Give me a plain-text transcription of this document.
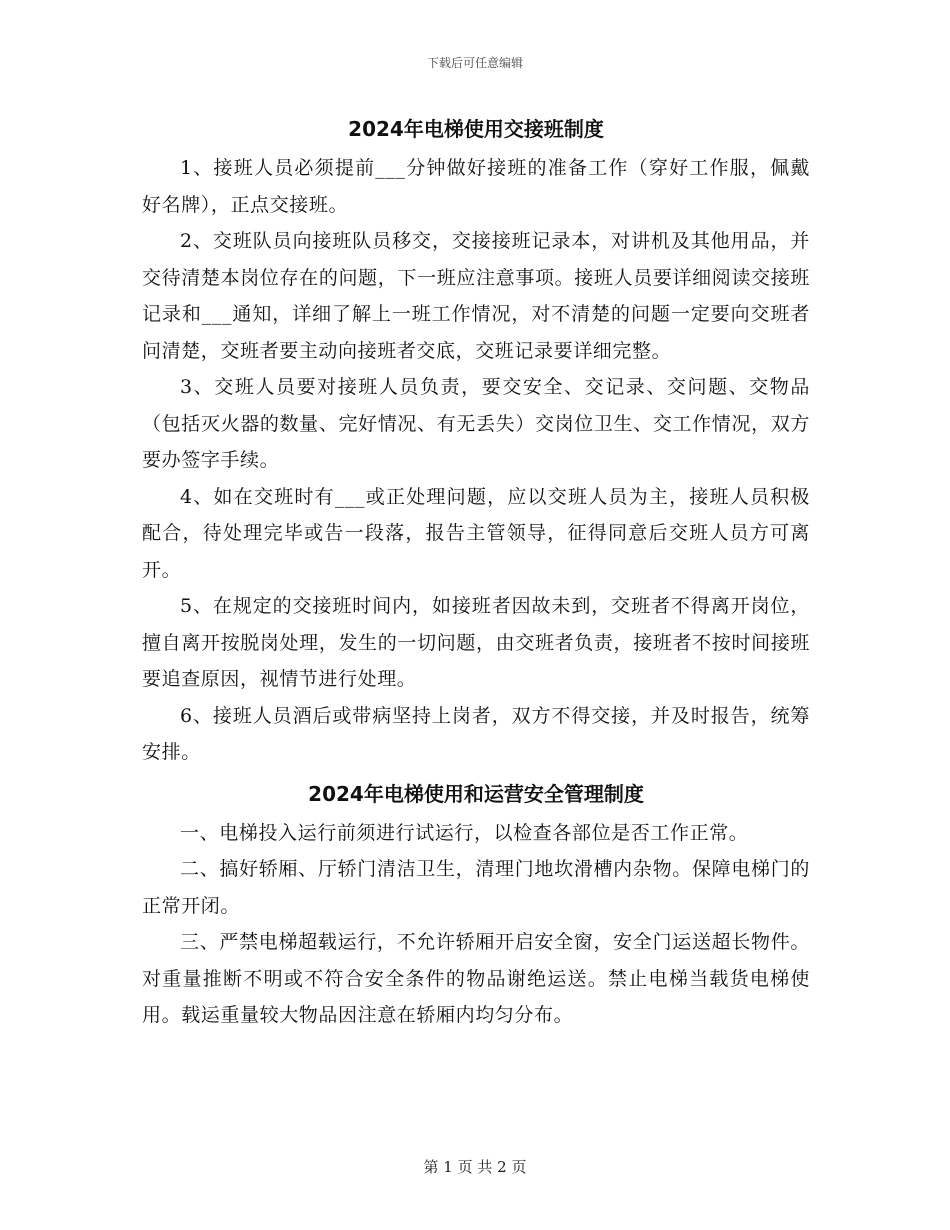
下载后可任意编辑
2024年电梯使用交接班制度

1、接班人员必须提前___分钟做好接班的准备工作（穿好工作服，佩戴好名牌），正点交接班。

2、交班队员向接班队员移交，交接接班记录本，对讲机及其他用品，并交待清楚本岗位存在的问题，下一班应注意事项。接班人员要详细阅读交接班记录和___通知，详细了解上一班工作情况，对不清楚的问题一定要向交班者问清楚，交班者要主动向接班者交底，交班记录要详细完整。

3、交班人员要对接班人员负责，要交安全、交记录、交问题、交物品（包括灭火器的数量、完好情况、有无丢失）交岗位卫生、交工作情况，双方要办签字手续。

4、如在交班时有___或正处理问题，应以交班人员为主，接班人员积极配合，待处理完毕或告一段落，报告主管领导，征得同意后交班人员方可离开。

5、在规定的交接班时间内，如接班者因故未到，交班者不得离开岗位，擅自离开按脱岗处理，发生的一切问题，由交班者负责，接班者不按时间接班要追查原因，视情节进行处理。

6、接班人员酒后或带病坚持上岗者，双方不得交接，并及时报告，统筹安排。

2024年电梯使用和运营安全管理制度

一、电梯投入运行前须进行试运行，以检查各部位是否工作正常。

二、搞好轿厢、厅轿门清洁卫生，清理门地坎滑槽内杂物。保障电梯门的正常开闭。

三、严禁电梯超载运行，不允许轿厢开启安全窗，安全门运送超长物件。对重量推断不明或不符合安全条件的物品谢绝运送。禁止电梯当载货电梯使用。载运重量较大物品因注意在轿厢内均匀分布。

第 1 页 共 2 页
